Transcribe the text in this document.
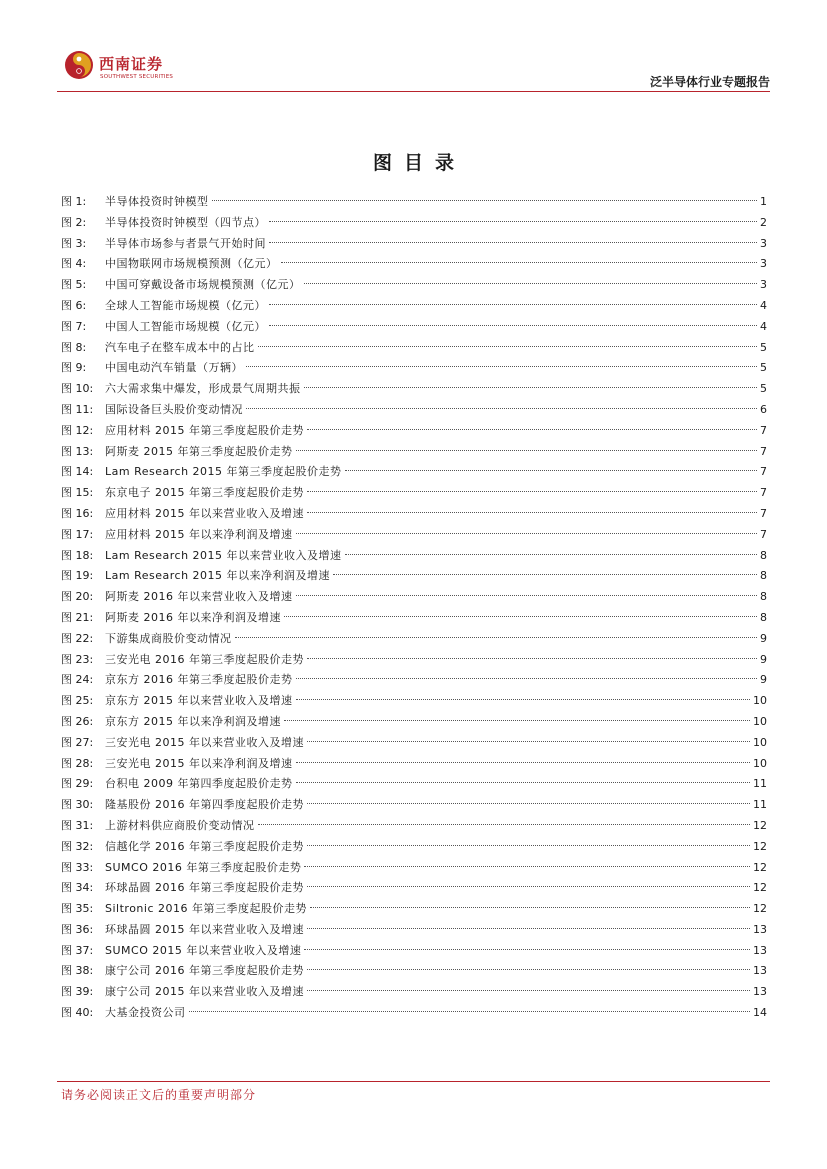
西南证券
SOUTHWEST SECURITIES	泛半导体行业专题报告
图目录
图 1:	半导体投资时钟模型	1
图 2:	半导体投资时钟模型（四节点）	2
图 3:	半导体市场参与者景气开始时间	3
图 4:	中国物联网市场规模预测（亿元）	3
图 5:	中国可穿戴设备市场规模预测（亿元）	3
图 6:	全球人工智能市场规模（亿元）	4
图 7:	中国人工智能市场规模（亿元）	4
图 8:	汽车电子在整车成本中的占比	5
图 9:	中国电动汽车销量（万辆）	5
图 10:	六大需求集中爆发，形成景气周期共振	5
图 11:	国际设备巨头股价变动情况	6
图 12:	应用材料 2015 年第三季度起股价走势	7
图 13:	阿斯麦 2015 年第三季度起股价走势	7
图 14:	Lam Research 2015 年第三季度起股价走势	7
图 15:	东京电子 2015 年第三季度起股价走势	7
图 16:	应用材料 2015 年以来营业收入及增速	7
图 17:	应用材料 2015 年以来净利润及增速	7
图 18:	Lam Research 2015 年以来营业收入及增速	8
图 19:	Lam Research 2015 年以来净利润及增速	8
图 20:	阿斯麦 2016 年以来营业收入及增速	8
图 21:	阿斯麦 2016 年以来净利润及增速	8
图 22:	下游集成商股价变动情况	9
图 23:	三安光电 2016 年第三季度起股价走势	9
图 24:	京东方 2016 年第三季度起股价走势	9
图 25:	京东方 2015 年以来营业收入及增速	10
图 26:	京东方 2015 年以来净利润及增速	10
图 27:	三安光电 2015 年以来营业收入及增速	10
图 28:	三安光电 2015 年以来净利润及增速	10
图 29:	台积电 2009 年第四季度起股价走势	11
图 30:	隆基股份 2016 年第四季度起股价走势	11
图 31:	上游材料供应商股价变动情况	12
图 32:	信越化学 2016 年第三季度起股价走势	12
图 33:	SUMCO 2016 年第三季度起股价走势	12
图 34:	环球晶圆 2016 年第三季度起股价走势	12
图 35:	Siltronic 2016 年第三季度起股价走势	12
图 36:	环球晶圆 2015 年以来营业收入及增速	13
图 37:	SUMCO 2015 年以来营业收入及增速	13
图 38:	康宁公司 2016 年第三季度起股价走势	13
图 39:	康宁公司 2015 年以来营业收入及增速	13
图 40:	大基金投资公司	14
请务必阅读正文后的重要声明部分
